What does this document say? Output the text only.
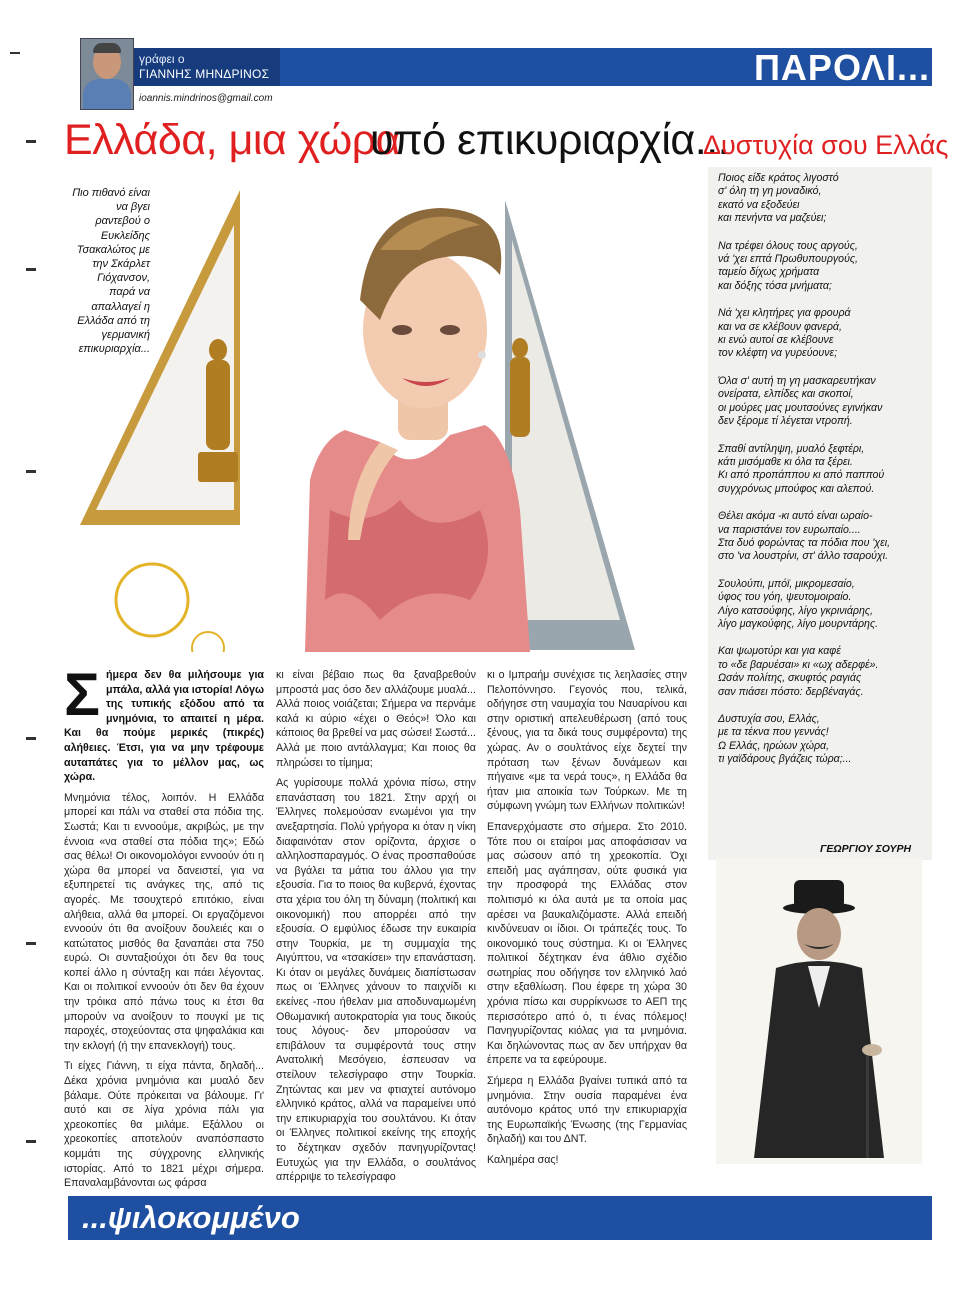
γράφει ο
ΓΙΑΝΝΗΣ ΜΗΝΔΡΙΝΟΣ
ioannis.mindrinos@gmail.com
ΠΑΡΟΛΙ...
Ελλάδα, μια χώρα
υπό επικυριαρχία...
Δυστυχία σου Ελλάς
Πιο πιθανό είναι να βγει ραντεβού ο Ευκλείδης Τσακαλώτος με την Σκάρλετ Γιόχανσον, παρά να απαλλαγεί η Ελλάδα από τη γερμανική επικυριαρχία...

Σήμερα δεν θα μιλήσουμε για μπάλα, αλλά για ιστορία! Λόγω της τυπικής εξόδου από τα μνημόνια, το απαιτεί η μέρα. Και θα πούμε μερικές (πικρές) αλήθειες. Έτσι, για να μην τρέφουμε αυταπάτες για το μέλλον μας, ως χώρα.

Μνημόνια τέλος, λοιπόν. Η Ελλάδα μπορεί και πάλι να σταθεί στα πόδια της. Σωστά; Και τι εννοούμε, ακριβώς, με την έννοια «να σταθεί στα πόδια της»; Εδώ σας θέλω! Οι οικονομολόγοι εννοούν ότι η χώρα θα μπορεί να δανειστεί, για να εξυπηρετεί τις ανάγκες της, από τις αγορές. Με τσουχτερό επιτόκιο, είναι αλήθεια, αλλά θα μπορεί. Οι εργαζόμενοι εννοούν ότι θα ανοίξουν δουλειές και ο κατώτατος μισθός θα ξαναπάει στα 750 ευρώ. Οι συνταξιούχοι ότι δεν θα τους κοπεί άλλο η σύνταξη και πάει λέγοντας. Και οι πολιτικοί εννοούν ότι δεν θα έχουν την τρόικα από πάνω τους κι έτσι θα μπορούν να ανοίξουν το πουγκί με τις παροχές, στοχεύοντας στα ψηφαλάκια και την εκλογή (ή την επανεκλογή) τους.

Τι είχες Γιάννη, τι είχα πάντα, δηλαδή... Δέκα χρόνια μνημόνια και μυαλό δεν βάλαμε. Ούτε πρόκειται να βάλουμε. Γι' αυτό και σε λίγα χρόνια πάλι για χρεοκοπίες θα μιλάμε. Εξάλλου οι χρεοκοπίες αποτελούν αναπόσπαστο κομμάτι της σύγχρονης ελληνικής ιστορίας. Από το 1821 μέχρι σήμερα. Επαναλαμβάνονται ως φάρσα

κι είναι βέβαιο πως θα ξαναβρεθούν μπροστά μας όσο δεν αλλάζουμε μυαλά... Αλλά ποιος νοιάζεται; Σήμερα να περνάμε καλά κι αύριο «έχει ο Θεός»! Όλο και κάποιος θα βρεθεί να μας σώσει! Σωστά... Αλλά με ποιο αντάλλαγμα; Και ποιος θα πληρώσει το τίμημα;

Ας γυρίσουμε πολλά χρόνια πίσω, στην επανάσταση του 1821. Στην αρχή οι Έλληνες πολεμούσαν ενωμένοι για την ανεξαρτησία. Πολύ γρήγορα κι όταν η νίκη διαφαινόταν στον ορίζοντα, άρχισε ο αλληλοσπαραγμός. Ο ένας προσπαθούσε να βγάλει τα μάτια του άλλου για την εξουσία. Για το ποιος θα κυβερνά, έχοντας στα χέρια του όλη τη δύναμη (πολιτική και οικονομική) που απορρέει από την εξουσία. Ο εμφύλιος έδωσε την ευκαιρία στην Τουρκία, με τη συμμαχία της Αιγύπτου, να «τσακίσει» την επανάσταση. Κι όταν οι μεγάλες δυνάμεις διαπίστωσαν πως οι Έλληνες χάνουν το παιχνίδι κι εκείνες -που ήθελαν μια αποδυναμωμένη Οθωμανική αυτοκρατορία για τους δικούς τους λόγους- δεν μπορούσαν να επιβάλουν τα συμφέροντά τους στην Ανατολική Μεσόγειο, έσπευσαν να στείλουν τελεσίγραφο στην Τουρκία. Ζητώντας και μεν να φτιαχτεί αυτόνομο ελληνικό κράτος, αλλά να παραμείνει υπό την επικυριαρχία του σουλτάνου. Κι όταν οι Έλληνες πολιτικοί εκείνης της εποχής το δέχτηκαν σχεδόν πανηγυρίζοντας! Ευτυχώς για την Ελλάδα, ο σουλτάνος απέρριψε το τελεσίγραφο

κι ο Ιμπραήμ συνέχισε τις λεηλασίες στην Πελοπόννησο. Γεγονός που, τελικά, οδήγησε στη ναυμαχία του Ναυαρίνου και στην οριστική απελευθέρωση (από τους ξένους, για τα δικά τους συμφέροντα) της χώρας. Αν ο σουλτάνος είχε δεχτεί την πρόταση των ξένων δυνάμεων και πήγαινε «με τα νερά τους», η Ελλάδα θα ήταν μια αποικία των Τούρκων. Με τη σύμφωνη γνώμη των Ελλήνων πολιτικών!

Επανερχόμαστε στο σήμερα. Στο 2010. Τότε που οι εταίροι μας αποφάσισαν να μας σώσουν από τη χρεοκοπία. Όχι επειδή μας αγάπησαν, ούτε φυσικά για την προσφορά της Ελλάδας στον πολιτισμό κι όλα αυτά με τα οποία μας αρέσει να βαυκαλιζόμαστε. Αλλά επειδή κινδύνευαν οι ίδιοι. Οι τράπεζές τους. Το οικονομικό τους σύστημα. Κι οι Έλληνες πολιτικοί δέχτηκαν ένα άθλιο σχέδιο σωτηρίας που οδήγησε τον ελληνικό λαό στην εξαθλίωση. Που έφερε τη χώρα 30 χρόνια πίσω και συρρίκνωσε το ΑΕΠ της περισσότερο από ό, τι ένας πόλεμος! Πανηγυρίζοντας κιόλας για τα μνημόνια. Και δηλώνοντας πως αν δεν υπήρχαν θα έπρεπε να τα εφεύρουμε.

Σήμερα η Ελλάδα βγαίνει τυπικά από τα μνημόνια. Στην ουσία παραμένει ένα αυτόνομο κράτος υπό την επικυριαρχία της Ευρωπαϊκής Ένωσης (της Γερμανίας δηλαδή) και του ΔΝΤ.

Καλημέρα σας!

Ποιος είδε κράτος λιγοστό

σ' όλη τη γη μοναδικό,

εκατό να εξοδεύει

και πενήντα να μαζεύει;

Να τρέφει όλους τους αργούς,

νά 'χει επτά Πρωθυπουργούς,

ταμείο δίχως χρήματα

και δόξης τόσα μνήματα;

Νά 'χει κλητήρες για φρουρά

και να σε κλέβουν φανερά,

κι ενώ αυτοί σε κλέβουνε

τον κλέφτη να γυρεύουνε;

Όλα σ' αυτή τη γη μασκαρευτήκαν

ονείρατα, ελπίδες και σκοποί,

οι μούρες μας μουτσούνες εγινήκαν

δεν ξέρομε τί λέγεται ντροπή.

Σπαθί αντίληψη, μυαλό ξεφτέρι,

κάτι μισόμαθε κι όλα τα ξέρει.

Κι από προπάππου κι από παππού

συγχρόνως μπούφος και αλεπού.

Θέλει ακόμα -κι αυτό είναι ωραίο-

να παριστάνει τον ευρωπαίο....

Στα δυό φορώντας τα πόδια που 'χει,

στο 'να λουστρίνι, στ' άλλο τσαρούχι.

Σουλούπι, μπόϊ, μικρομεσαίο,

ύφος του γόη, ψευτομοιραίο.

Λίγο κατσούφης, λίγο γκρινιάρης,

λίγο μαγκούφης, λίγο μουρντάρης.

Και ψωμοτύρι και για καφέ

το «δε βαρυέσαι» κι «ωχ αδερφέ».

Ωσάν πολίτης, σκυφτός ραγιάς

σαν πιάσει πόστο: δερβέναγάς.

Δυστυχία σου, Ελλάς,

με τα τέκνα που γεννάς!

Ω Ελλάς, ηρώων χώρα,

τι γαϊδάρους βγάζεις τώρα;...

ΓΕΩΡΓΙΟΥ ΣΟΥΡΗ
...ψιλοκομμένο
